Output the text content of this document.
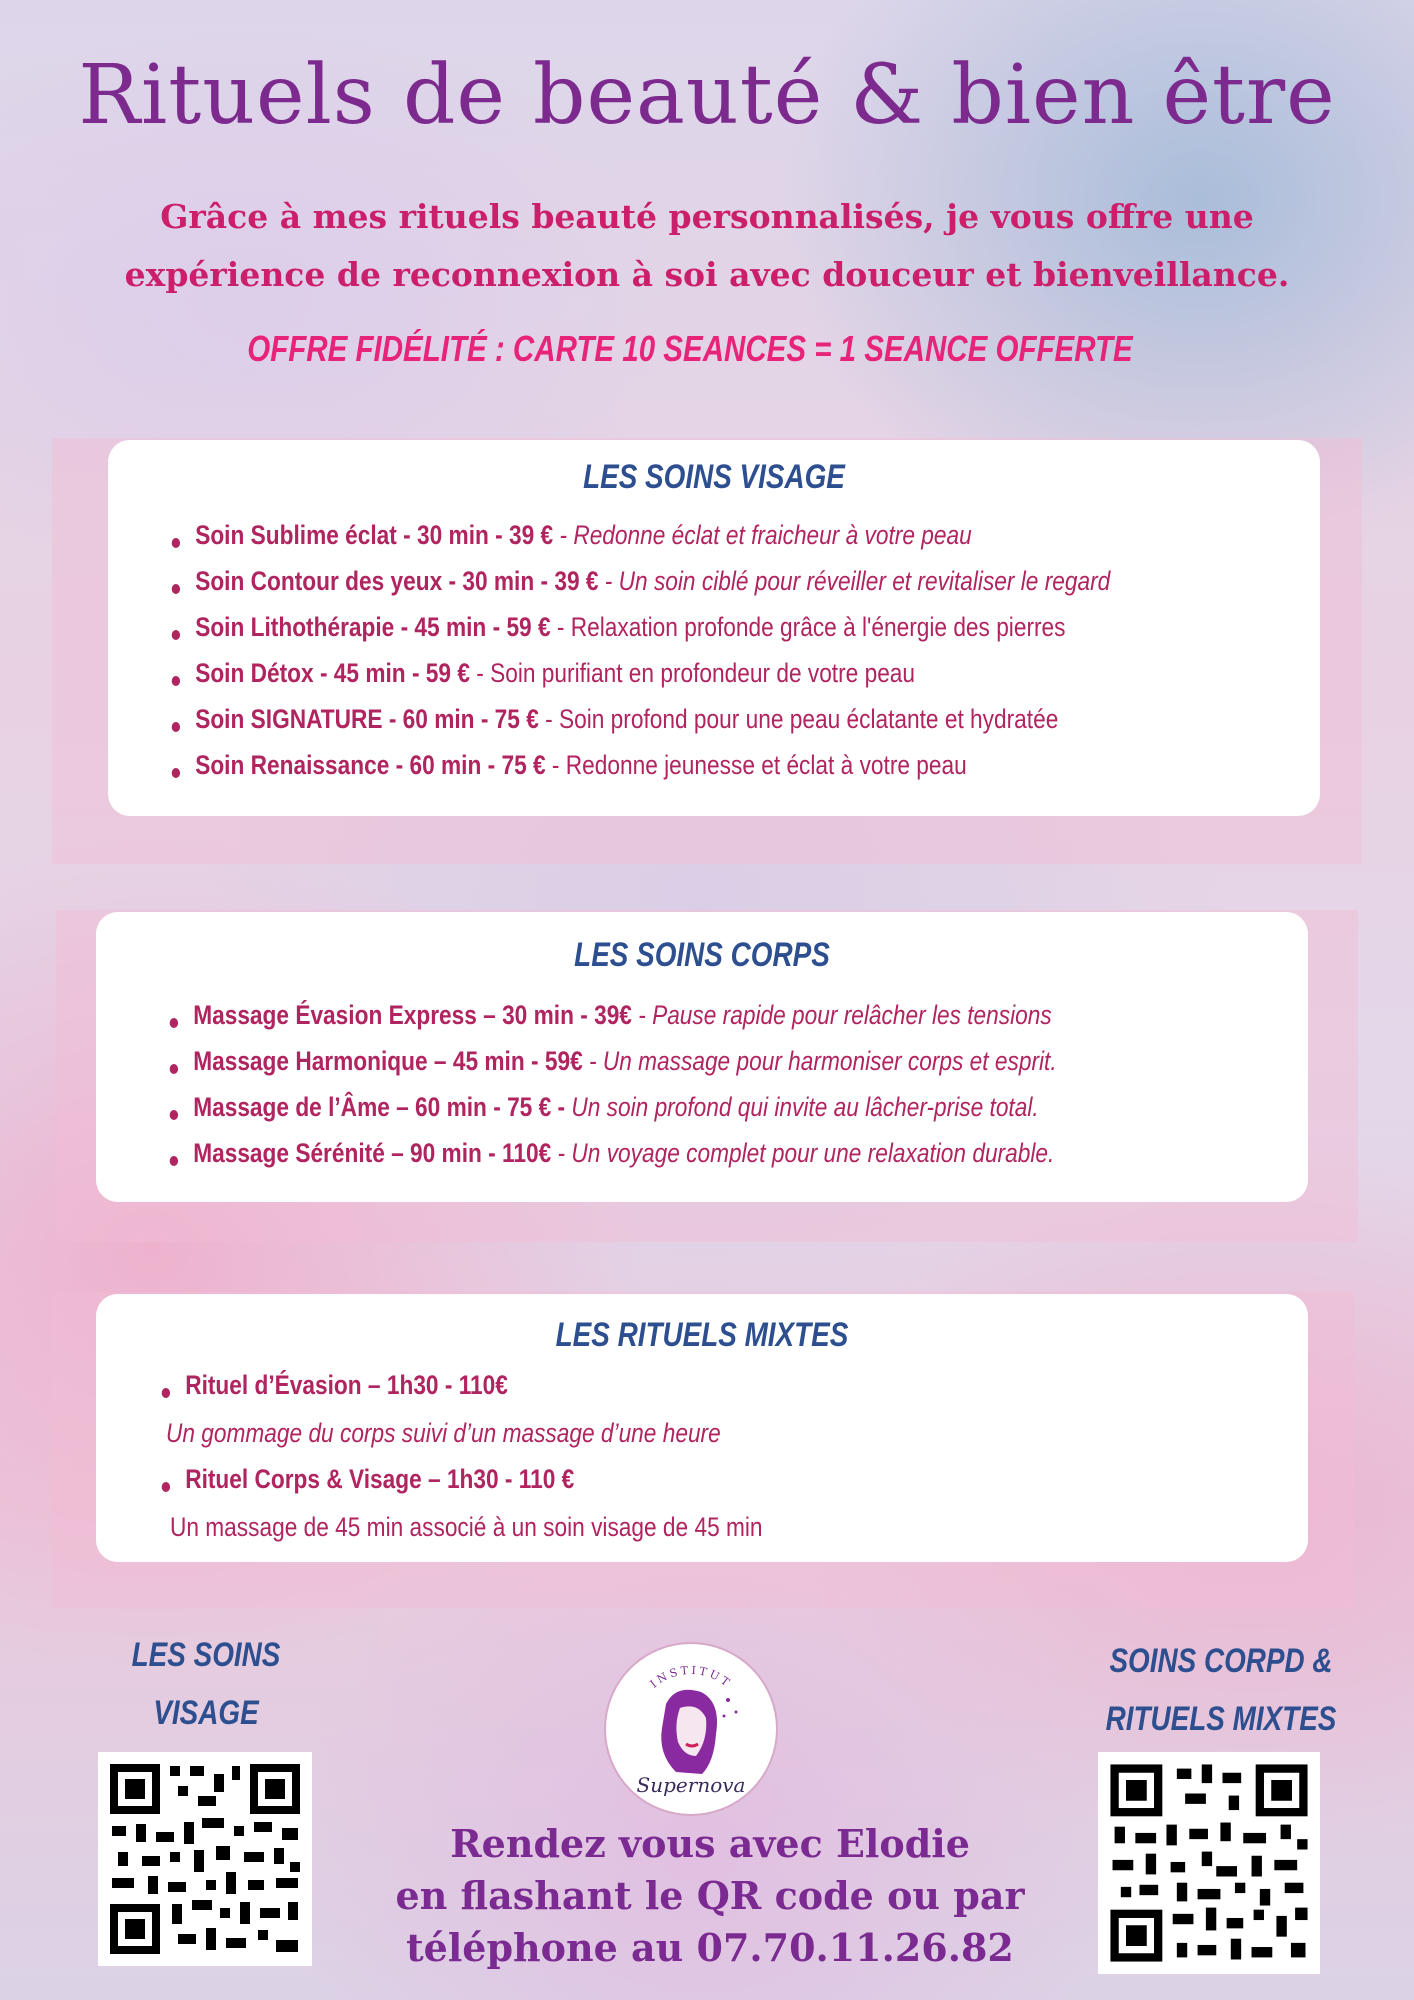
Rituels de beauté & bien être
Grâce à mes rituels beauté personnalisés, je vous offre une
expérience de reconnexion à soi avec douceur et bienveillance.
OFFRE FIDÉLITÉ : CARTE 10 SEANCES = 1 SEANCE OFFERTE
LES SOINS VISAGE
Soin Sublime éclat - 30 min - 39 € - Redonne éclat et fraicheur à votre peau
Soin Contour des yeux - 30 min - 39 € - Un soin ciblé pour réveiller et revitaliser le regard
Soin Lithothérapie - 45 min - 59 € - Relaxation profonde grâce à l'énergie des pierres
Soin Détox - 45 min - 59 € - Soin purifiant en profondeur de votre peau
Soin SIGNATURE - 60 min - 75 € - Soin profond pour une peau éclatante et hydratée
Soin Renaissance - 60 min - 75 € - Redonne jeunesse et éclat à votre peau
LES SOINS CORPS
Massage Évasion Express – 30 min - 39€ - Pause rapide pour relâcher les tensions
Massage Harmonique – 45 min - 59€ - Un massage pour harmoniser corps et esprit.
Massage de l’Âme – 60 min - 75 € - Un soin profond qui invite au lâcher-prise total.
Massage Sérénité – 90 min - 110€ - Un voyage complet pour une relaxation durable.
LES RITUELS MIXTES
Rituel d’Évasion – 1h30 - 110€
Un gommage du corps suivi d’un massage d’une heure
Rituel Corps & Visage – 1h30 - 110 €
Un massage de 45 min associé à un soin visage de 45 min
LES SOINS
VISAGE
INSTITUT
Supernova
Rendez vous avec Elodie
en flashant le QR code ou par
téléphone au 07.70.11.26.82
SOINS CORPD &
RITUELS MIXTES
